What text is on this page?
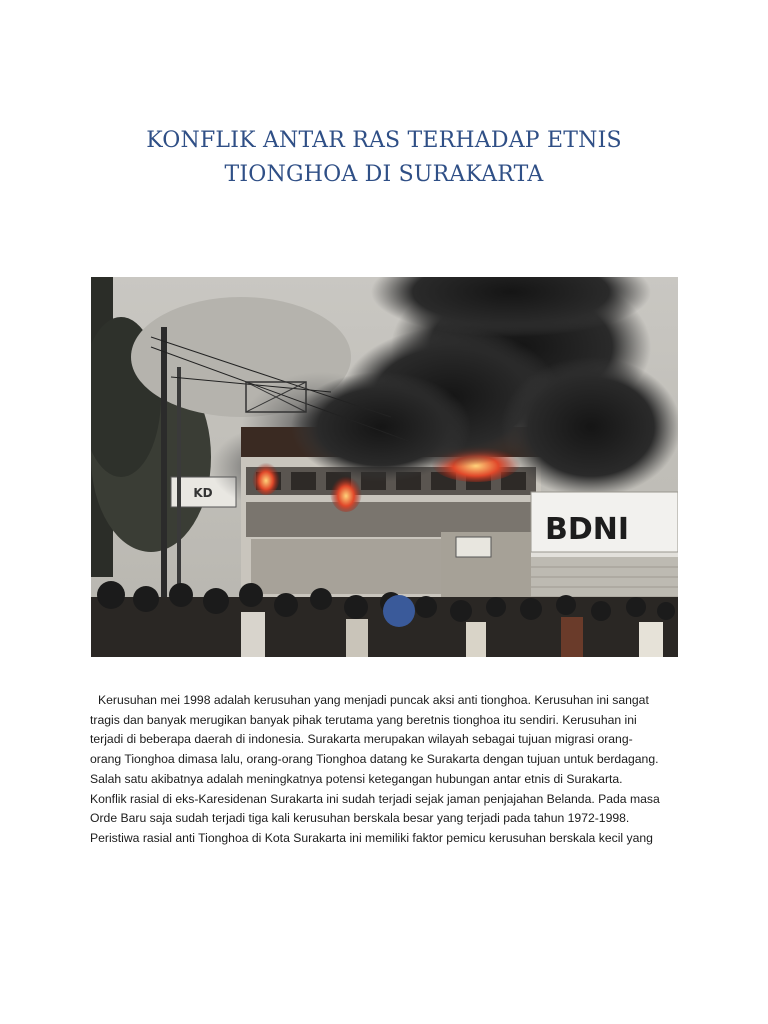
KONFLIK ANTAR RAS TERHADAP ETNIS
TIONGHOA DI SURAKARTA
KD
BDNI

Kerusuhan mei 1998 adalah kerusuhan yang menjadi puncak aksi anti tionghoa. Kerusuhan ini sangat
tragis dan banyak merugikan banyak pihak terutama yang beretnis tionghoa itu sendiri. Kerusuhan ini
terjadi di beberapa daerah di indonesia. Surakarta merupakan wilayah sebagai tujuan migrasi orang-
orang Tionghoa dimasa lalu, orang-orang Tionghoa datang ke Surakarta dengan tujuan untuk berdagang.
Salah satu akibatnya adalah meningkatnya potensi ketegangan hubungan antar etnis di Surakarta.
Konflik rasial di eks-Karesidenan Surakarta ini sudah terjadi sejak jaman penjajahan Belanda. Pada masa
Orde Baru saja sudah terjadi tiga kali kerusuhan berskala besar yang terjadi pada tahun 1972-1998.
Peristiwa rasial anti Tionghoa di Kota Surakarta ini memiliki faktor pemicu kerusuhan berskala kecil yang
